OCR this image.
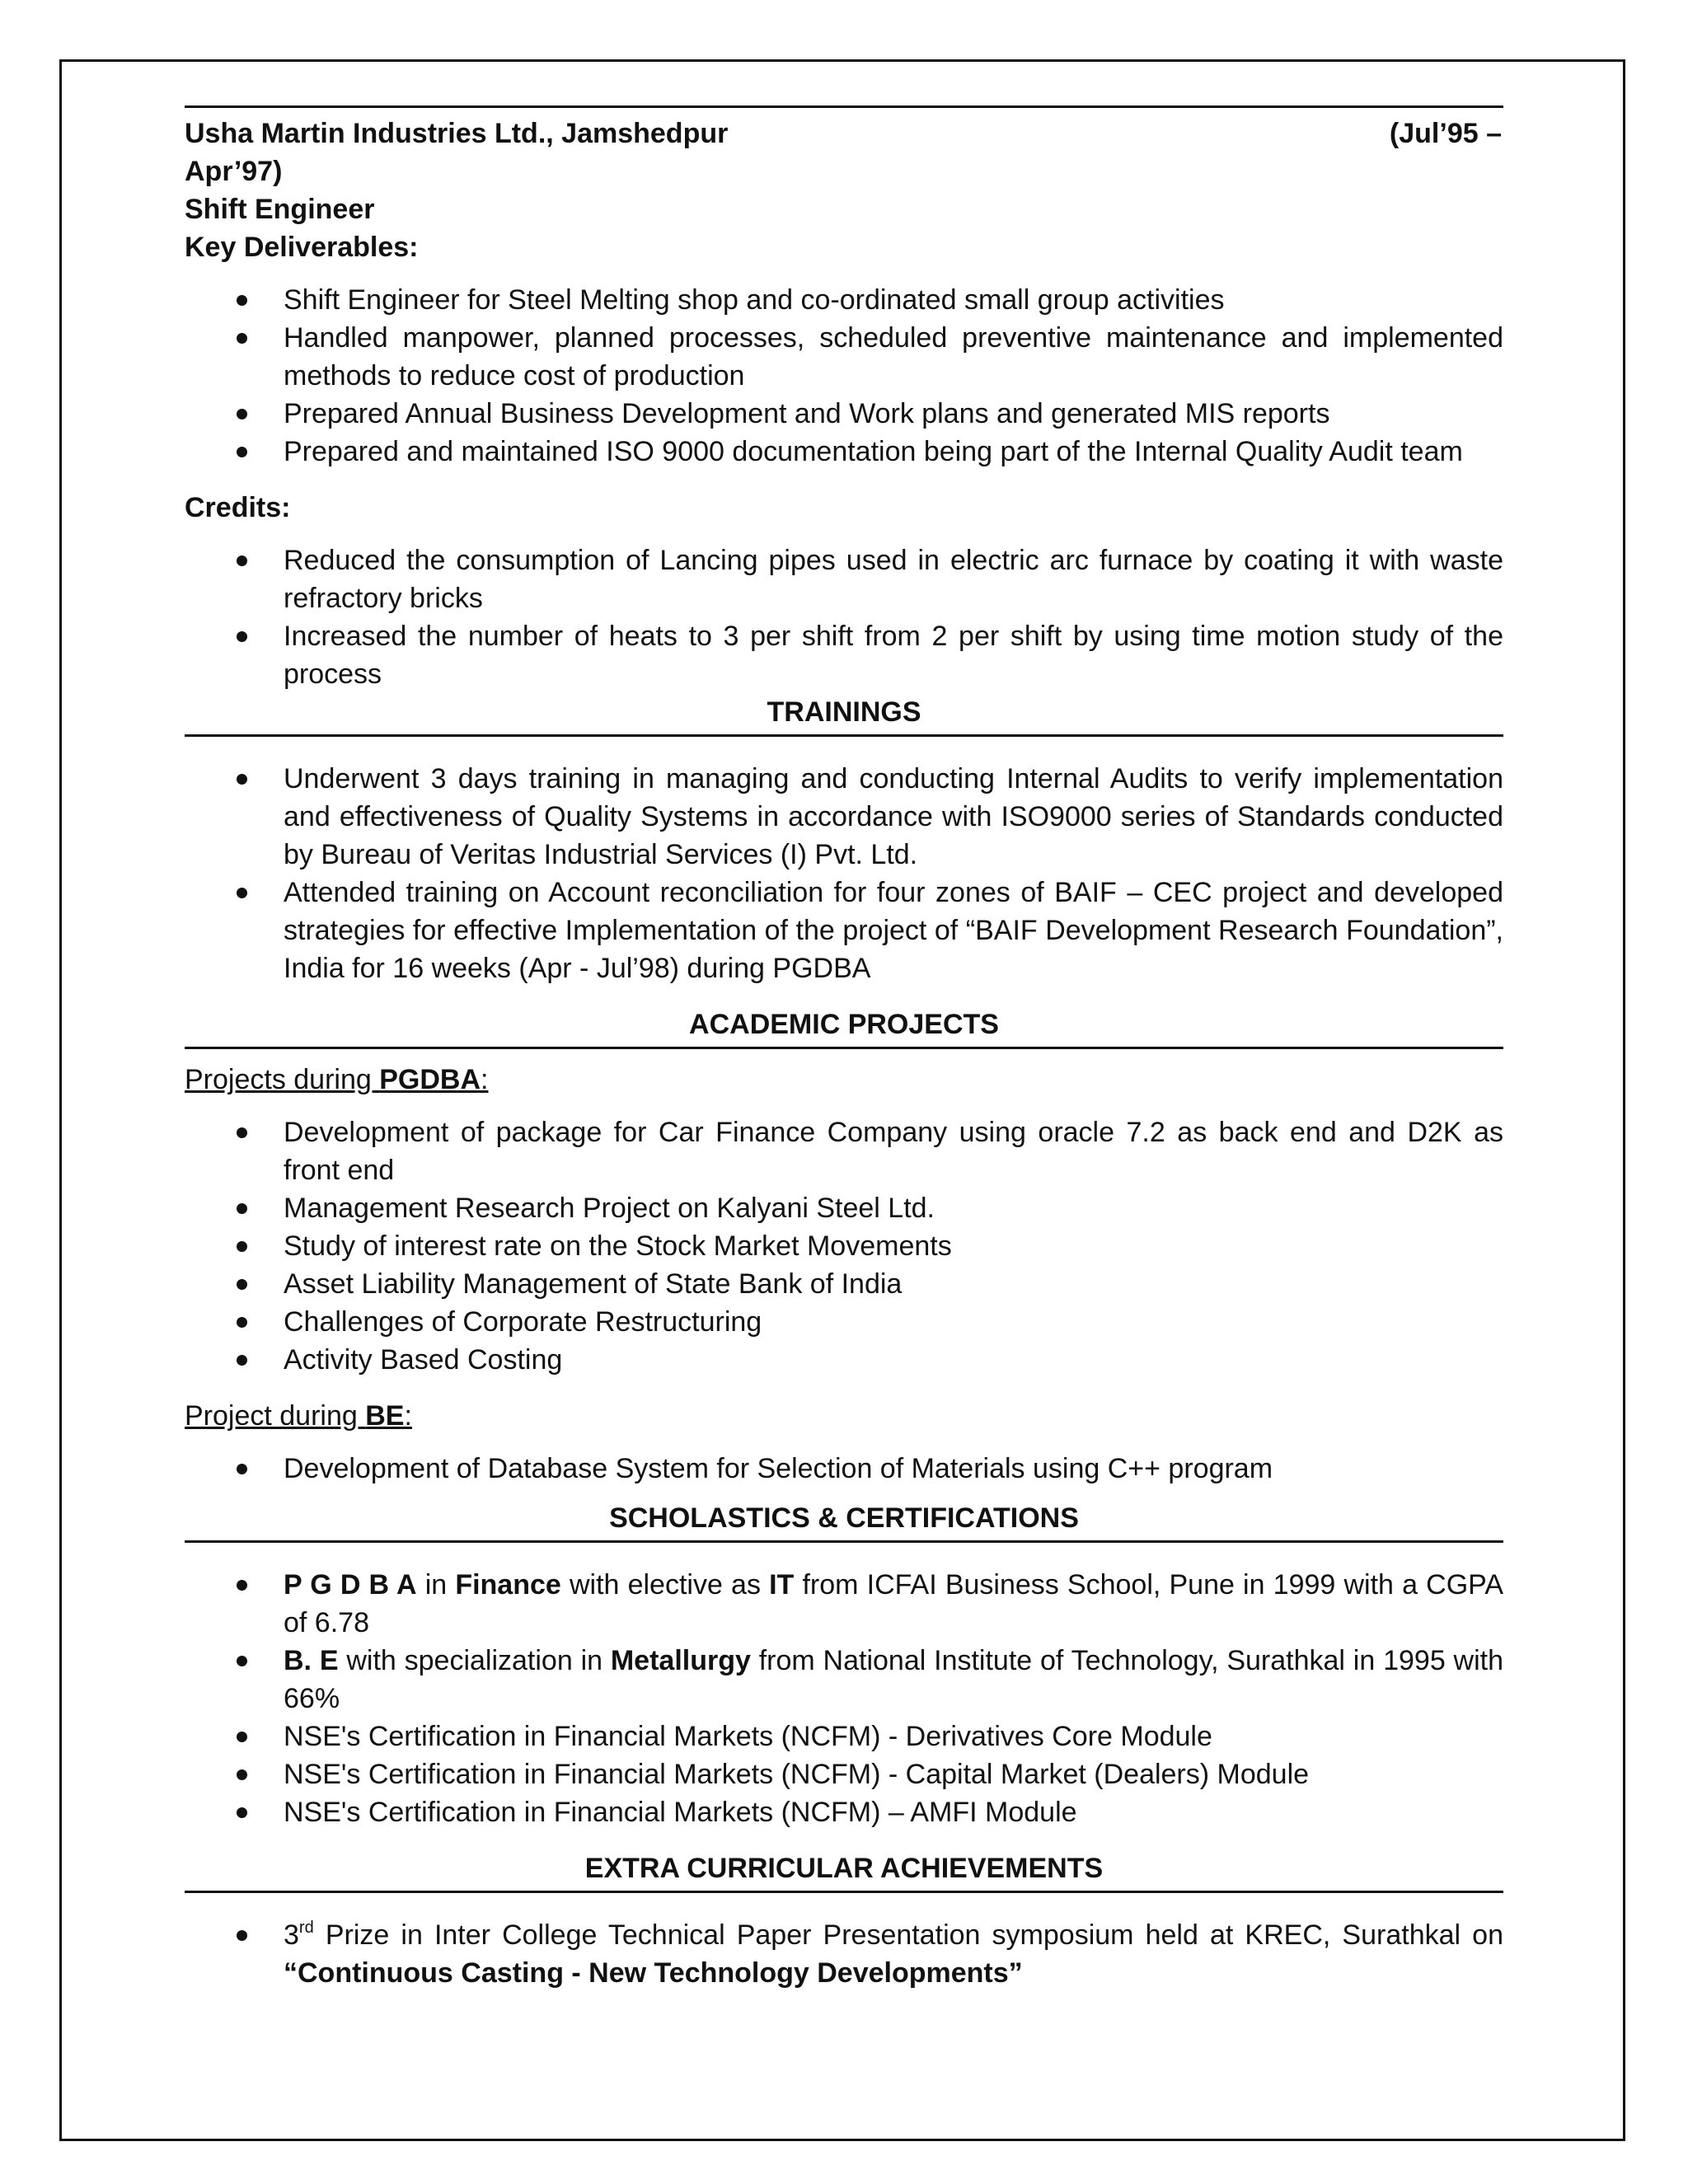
Usha Martin Industries Ltd., Jamshedpur	(Jul’95 –
Apr’97)
Shift Engineer
Key Deliverables:
Shift Engineer for Steel Melting shop and co-ordinated small group activities
Handled manpower, planned processes, scheduled preventive maintenance and implemented methods to reduce cost of production
Prepared Annual Business Development and Work plans and generated MIS reports
Prepared and maintained ISO 9000 documentation being part of the Internal Quality Audit team
Credits:
Reduced the consumption of Lancing pipes used in electric arc furnace by coating it with waste refractory bricks
Increased the number of heats to 3 per shift from 2 per shift by using time motion study of the process
TRAININGS
Underwent 3 days training in managing and conducting Internal Audits to verify implementation and effectiveness of Quality Systems in accordance with ISO9000 series of Standards conducted by Bureau of Veritas Industrial Services (I) Pvt. Ltd.
Attended training on Account reconciliation for four zones of BAIF – CEC project and developed strategies for effective Implementation of the project of “BAIF Development Research Foundation”, India for 16 weeks (Apr - Jul’98) during PGDBA
ACADEMIC PROJECTS
Projects during PGDBA:
Development of package for Car Finance Company using oracle 7.2 as back end and D2K as front end
Management Research Project on Kalyani Steel Ltd.
Study of interest rate on the Stock Market Movements
Asset Liability Management of State Bank of India
Challenges of Corporate Restructuring
Activity Based Costing
Project during BE:
Development of Database System for Selection of Materials using C++ program
SCHOLASTICS & CERTIFICATIONS
P G D B A in Finance with elective as IT from ICFAI Business School, Pune in 1999 with a CGPA of 6.78
B. E with specialization in Metallurgy from National Institute of Technology, Surathkal in 1995 with 66%
NSE's Certification in Financial Markets (NCFM) - Derivatives Core Module
NSE's Certification in Financial Markets (NCFM) - Capital Market (Dealers) Module
NSE's Certification in Financial Markets (NCFM) – AMFI Module
EXTRA CURRICULAR ACHIEVEMENTS
3rd Prize in Inter College Technical Paper Presentation symposium held at KREC, Surathkal on “Continuous Casting - New Technology Developments”
